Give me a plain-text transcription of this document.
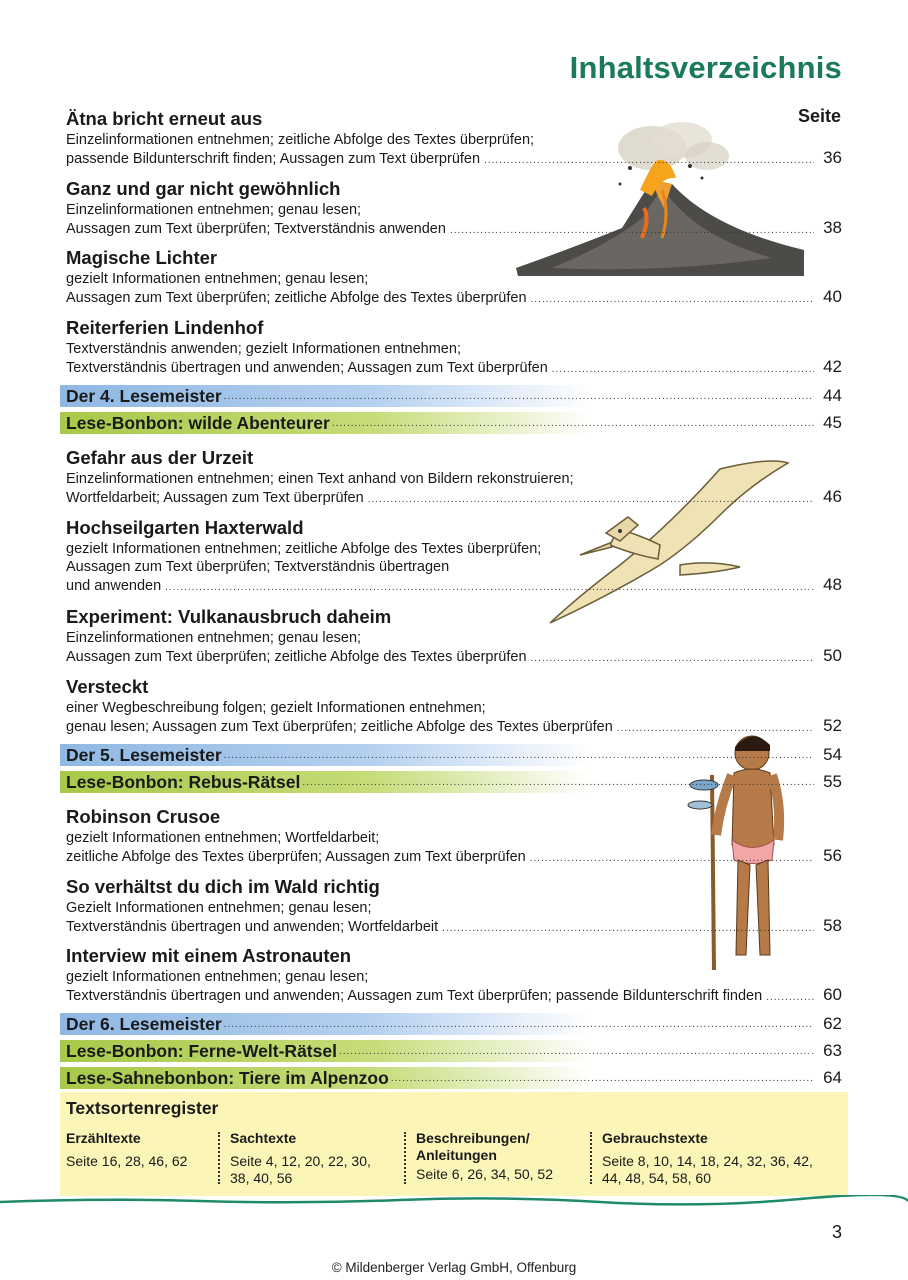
Inhaltsverzeichnis
Seite
Ätna bricht erneut aus
Einzelinformationen entnehmen; zeitliche Abfolge des Textes überprüfen;
passende Bildunterschrift finden; Aussagen zum Text überprüfen .....	36
Ganz und gar nicht gewöhnlich
Einzelinformationen entnehmen; genau lesen;
Aussagen zum Text überprüfen; Textverständnis anwenden .....	38
Magische Lichter
gezielt Informationen entnehmen; genau lesen;
Aussagen zum Text überprüfen; zeitliche Abfolge des Textes überprüfen .....	40
Reiterferien Lindenhof
Textverständnis anwenden; gezielt Informationen entnehmen;
Textverständnis übertragen und anwenden; Aussagen zum Text überprüfen .....	42
Der 4. Lesemeister .....	44
Lese-Bonbon: wilde Abenteurer .....	45
Gefahr aus der Urzeit
Einzelinformationen entnehmen; einen Text anhand von Bildern rekonstruieren;
Wortfeldarbeit; Aussagen zum Text überprüfen .....	46
Hochseilgarten Haxterwald
gezielt Informationen entnehmen; zeitliche Abfolge des Textes überprüfen;
Aussagen zum Text überprüfen; Textverständnis übertragen
und anwenden .....	48
Experiment: Vulkanausbruch daheim
Einzelinformationen entnehmen; genau lesen;
Aussagen zum Text überprüfen; zeitliche Abfolge des Textes überprüfen .....	50
Versteckt
einer Wegbeschreibung folgen; gezielt Informationen entnehmen;
genau lesen; Aussagen zum Text überprüfen; zeitliche Abfolge des Textes überprüfen .....	52
Der 5. Lesemeister .....	54
Lese-Bonbon: Rebus-Rätsel .....	55
Robinson Crusoe
gezielt Informationen entnehmen; Wortfeldarbeit;
zeitliche Abfolge des Textes überprüfen; Aussagen zum Text überprüfen .....	56
So verhältst du dich im Wald richtig
Gezielt Informationen entnehmen; genau lesen;
Textverständnis übertragen und anwenden; Wortfeldarbeit .....	58
Interview mit einem Astronauten
gezielt Informationen entnehmen; genau lesen;
Textverständnis übertragen und anwenden; Aussagen zum Text überprüfen; passende Bildunterschrift finden .....	60
Der 6. Lesemeister .....	62
Lese-Bonbon: Ferne-Welt-Rätsel .....	63
Lese-Sahnebonbon: Tiere im Alpenzoo .....	64
Textsortenregister
Erzähltexte
Seite 16, 28, 46, 62
Sachtexte
Seite 4, 12, 20, 22, 30,
38, 40, 56
Beschreibungen/
Anleitungen
Seite 6, 26, 34, 50, 52
Gebrauchstexte
Seite 8, 10, 14, 18, 24, 32, 36, 42,
44, 48, 54, 58, 60
3
© Mildenberger Verlag GmbH, Offenburg
